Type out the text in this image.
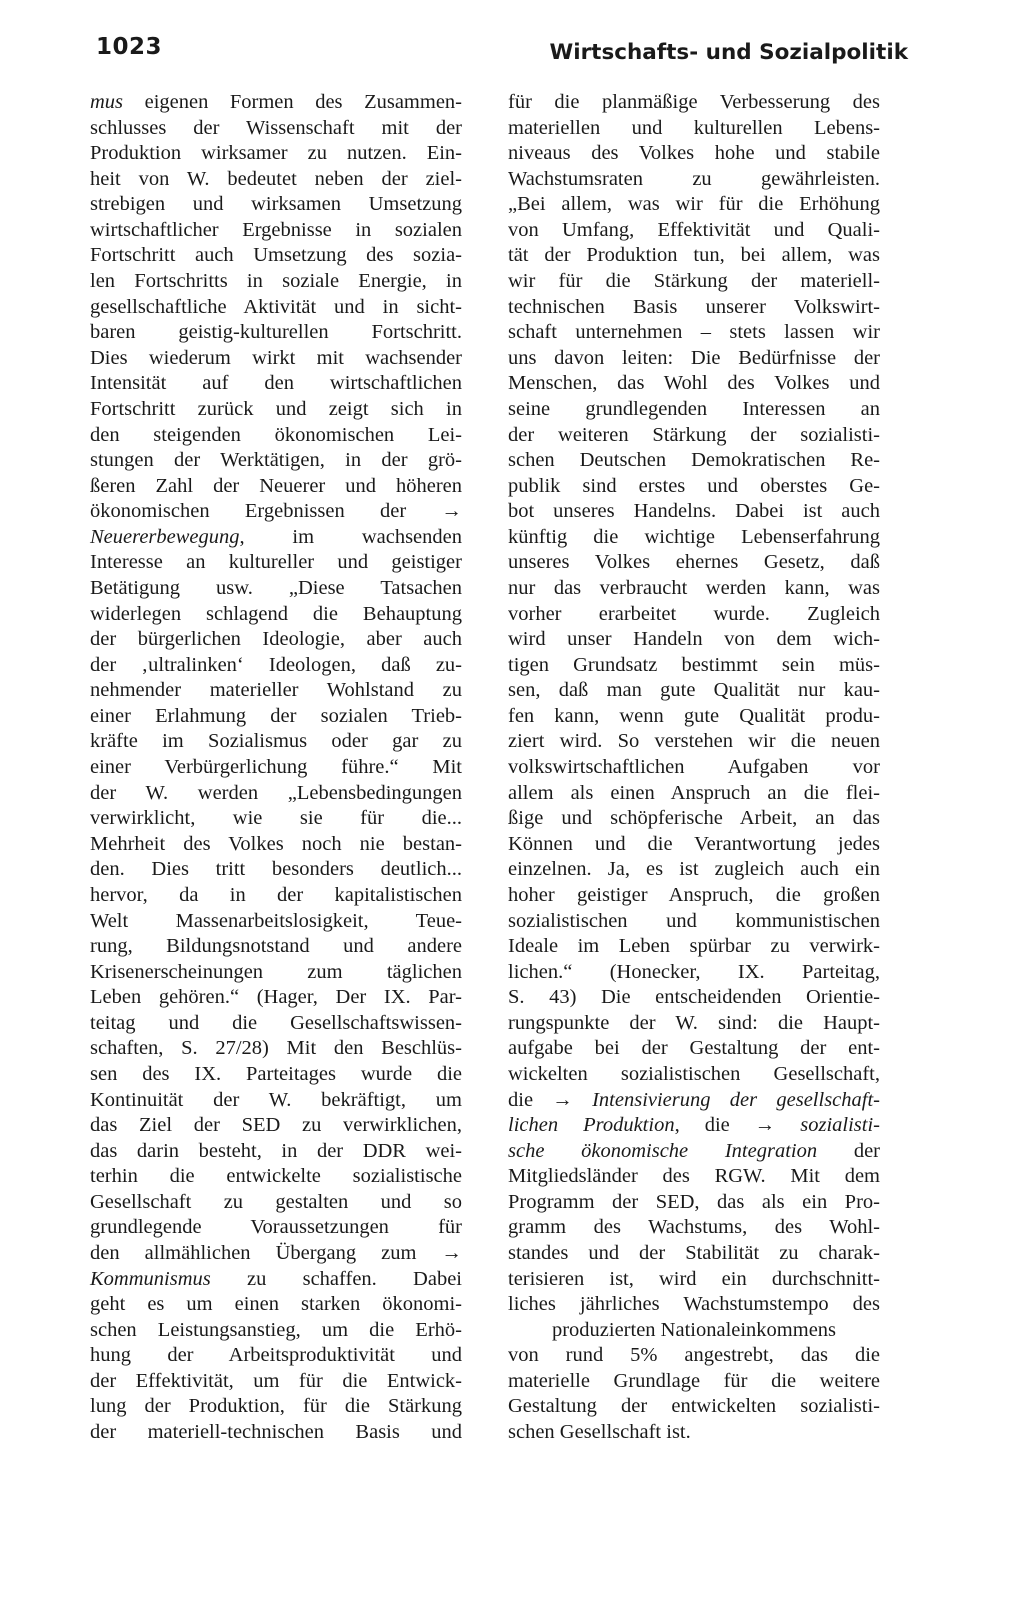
1023	Wirtschafts- und Sozialpolitik
mus eigenen Formen des Zusammen-
schlusses der Wissenschaft mit der
Produktion wirksamer zu nutzen. Ein-
heit von W. bedeutet neben der ziel-
strebigen und wirksamen Umsetzung
wirtschaftlicher Ergebnisse in sozialen
Fortschritt auch Umsetzung des sozia-
len Fortschritts in soziale Energie, in
gesellschaftliche Aktivität und in sicht-
baren geistig-kulturellen Fortschritt.
Dies wiederum wirkt mit wachsender
Intensität auf den wirtschaftlichen
Fortschritt zurück und zeigt sich in
den steigenden ökonomischen Lei-
stungen der Werktätigen, in der grö-
ßeren Zahl der Neuerer und höheren
ökonomischen Ergebnissen der →
Neuererbewegung, im wachsenden
Interesse an kultureller und geistiger
Betätigung usw. „Diese Tatsachen
widerlegen schlagend die Behauptung
der bürgerlichen Ideologie, aber auch
der ‚ultralinken‘ Ideologen, daß zu-
nehmender materieller Wohlstand zu
einer Erlahmung der sozialen Trieb-
kräfte im Sozialismus oder gar zu
einer Verbürgerlichung führe.“ Mit
der W. werden „Lebensbedingungen
verwirklicht, wie sie für die...
Mehrheit des Volkes noch nie bestan-
den. Dies tritt besonders deutlich...
hervor, da in der kapitalistischen
Welt Massenarbeitslosigkeit, Teue-
rung, Bildungsnotstand und andere
Krisenerscheinungen zum täglichen
Leben gehören.“ (Hager, Der IX. Par-
teitag und die Gesellschaftswissen-
schaften, S. 27/28) Mit den Beschlüs-
sen des IX. Parteitages wurde die
Kontinuität der W. bekräftigt, um
das Ziel der SED zu verwirklichen,
das darin besteht, in der DDR wei-
terhin die entwickelte sozialistische
Gesellschaft zu gestalten und so
grundlegende Voraussetzungen für
den allmählichen Übergang zum →
Kommunismus zu schaffen. Dabei
geht es um einen starken ökonomi-
schen Leistungsanstieg, um die Erhö-
hung der Arbeitsproduktivität und
der Effektivität, um für die Entwick-
lung der Produktion, für die Stärkung
der materiell-technischen Basis und
für die planmäßige Verbesserung des
materiellen und kulturellen Lebens-
niveaus des Volkes hohe und stabile
Wachstumsraten zu gewährleisten.
„Bei allem, was wir für die Erhöhung
von Umfang, Effektivität und Quali-
tät der Produktion tun, bei allem, was
wir für die Stärkung der materiell-
technischen Basis unserer Volkswirt-
schaft unternehmen – stets lassen wir
uns davon leiten: Die Bedürfnisse der
Menschen, das Wohl des Volkes und
seine grundlegenden Interessen an
der weiteren Stärkung der sozialisti-
schen Deutschen Demokratischen Re-
publik sind erstes und oberstes Ge-
bot unseres Handelns. Dabei ist auch
künftig die wichtige Lebenserfahrung
unseres Volkes ehernes Gesetz, daß
nur das verbraucht werden kann, was
vorher erarbeitet wurde. Zugleich
wird unser Handeln von dem wich-
tigen Grundsatz bestimmt sein müs-
sen, daß man gute Qualität nur kau-
fen kann, wenn gute Qualität produ-
ziert wird. So verstehen wir die neuen
volkswirtschaftlichen Aufgaben vor
allem als einen Anspruch an die flei-
ßige und schöpferische Arbeit, an das
Können und die Verantwortung jedes
einzelnen. Ja, es ist zugleich auch ein
hoher geistiger Anspruch, die großen
sozialistischen und kommunistischen
Ideale im Leben spürbar zu verwirk-
lichen.“ (Honecker, IX. Parteitag,
S. 43) Die entscheidenden Orientie-
rungspunkte der W. sind: die Haupt-
aufgabe bei der Gestaltung der ent-
wickelten sozialistischen Gesellschaft,
die → Intensivierung der gesellschaft-
lichen Produktion, die → sozialisti-
sche ökonomische Integration der
Mitgliedsländer des RGW. Mit dem
Programm der SED, das als ein Pro-
gramm des Wachstums, des Wohl-
standes und der Stabilität zu charak-
terisieren ist, wird ein durchschnitt-
liches jährliches Wachstumstempo des
produzierten Nationaleinkommens
von rund 5% angestrebt, das die
materielle Grundlage für die weitere
Gestaltung der entwickelten sozialisti-
schen Gesellschaft ist.
